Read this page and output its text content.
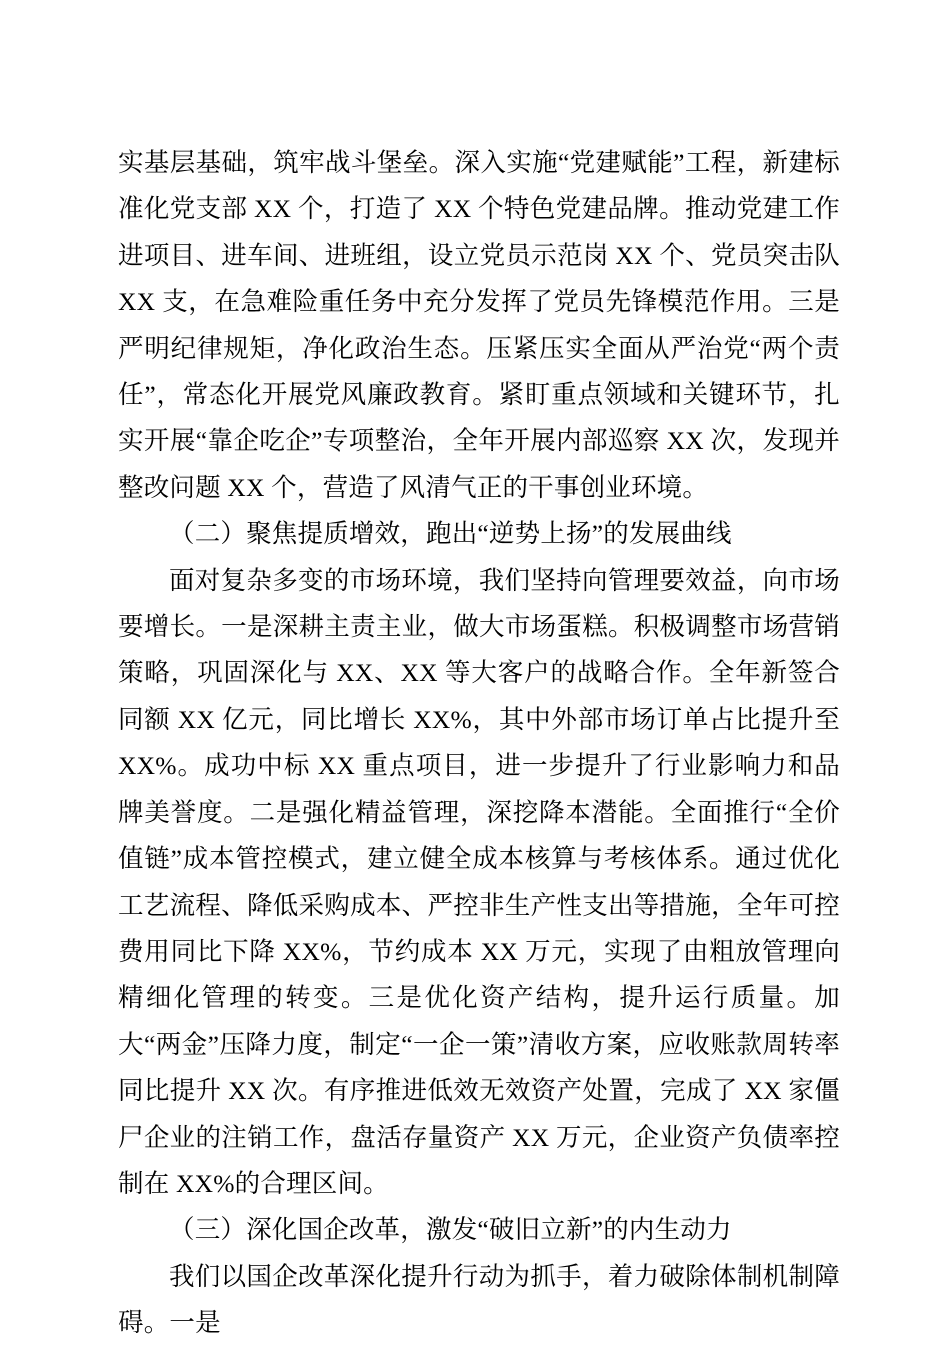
实基层基础，筑牢战斗堡垒。深入实施“党建赋能”工程，新建标准化党支部 XX 个，打造了 XX 个特色党建品牌。推动党建工作进项目、进车间、进班组，设立党员示范岗 XX 个、党员突击队 XX 支，在急难险重任务中充分发挥了党员先锋模范作用。三是严明纪律规矩，净化政治生态。压紧压实全面从严治党“两个责任”，常态化开展党风廉政教育。紧盯重点领域和关键环节，扎实开展“靠企吃企”专项整治，全年开展内部巡察 XX 次，发现并整改问题 XX 个，营造了风清气正的干事创业环境。

（二）聚焦提质增效，跑出“逆势上扬”的发展曲线

面对复杂多变的市场环境，我们坚持向管理要效益，向市场要增长。一是深耕主责主业，做大市场蛋糕。积极调整市场营销策略，巩固深化与 XX、XX 等大客户的战略合作。全年新签合同额 XX 亿元，同比增长 XX%，其中外部市场订单占比提升至 XX%。成功中标 XX 重点项目，进一步提升了行业影响力和品牌美誉度。二是强化精益管理，深挖降本潜能。全面推行“全价值链”成本管控模式，建立健全成本核算与考核体系。通过优化工艺流程、降低采购成本、严控非生产性支出等措施，全年可控费用同比下降 XX%，节约成本 XX 万元，实现了由粗放管理向精细化管理的转变。三是优化资产结构，提升运行质量。加大“两金”压降力度，制定“一企一策”清收方案，应收账款周转率同比提升 XX 次。有序推进低效无效资产处置，完成了 XX 家僵尸企业的注销工作，盘活存量资产 XX 万元，企业资产负债率控制在 XX%的合理区间。

（三）深化国企改革，激发“破旧立新”的内生动力

我们以国企改革深化提升行动为抓手，着力破除体制机制障碍。一是
